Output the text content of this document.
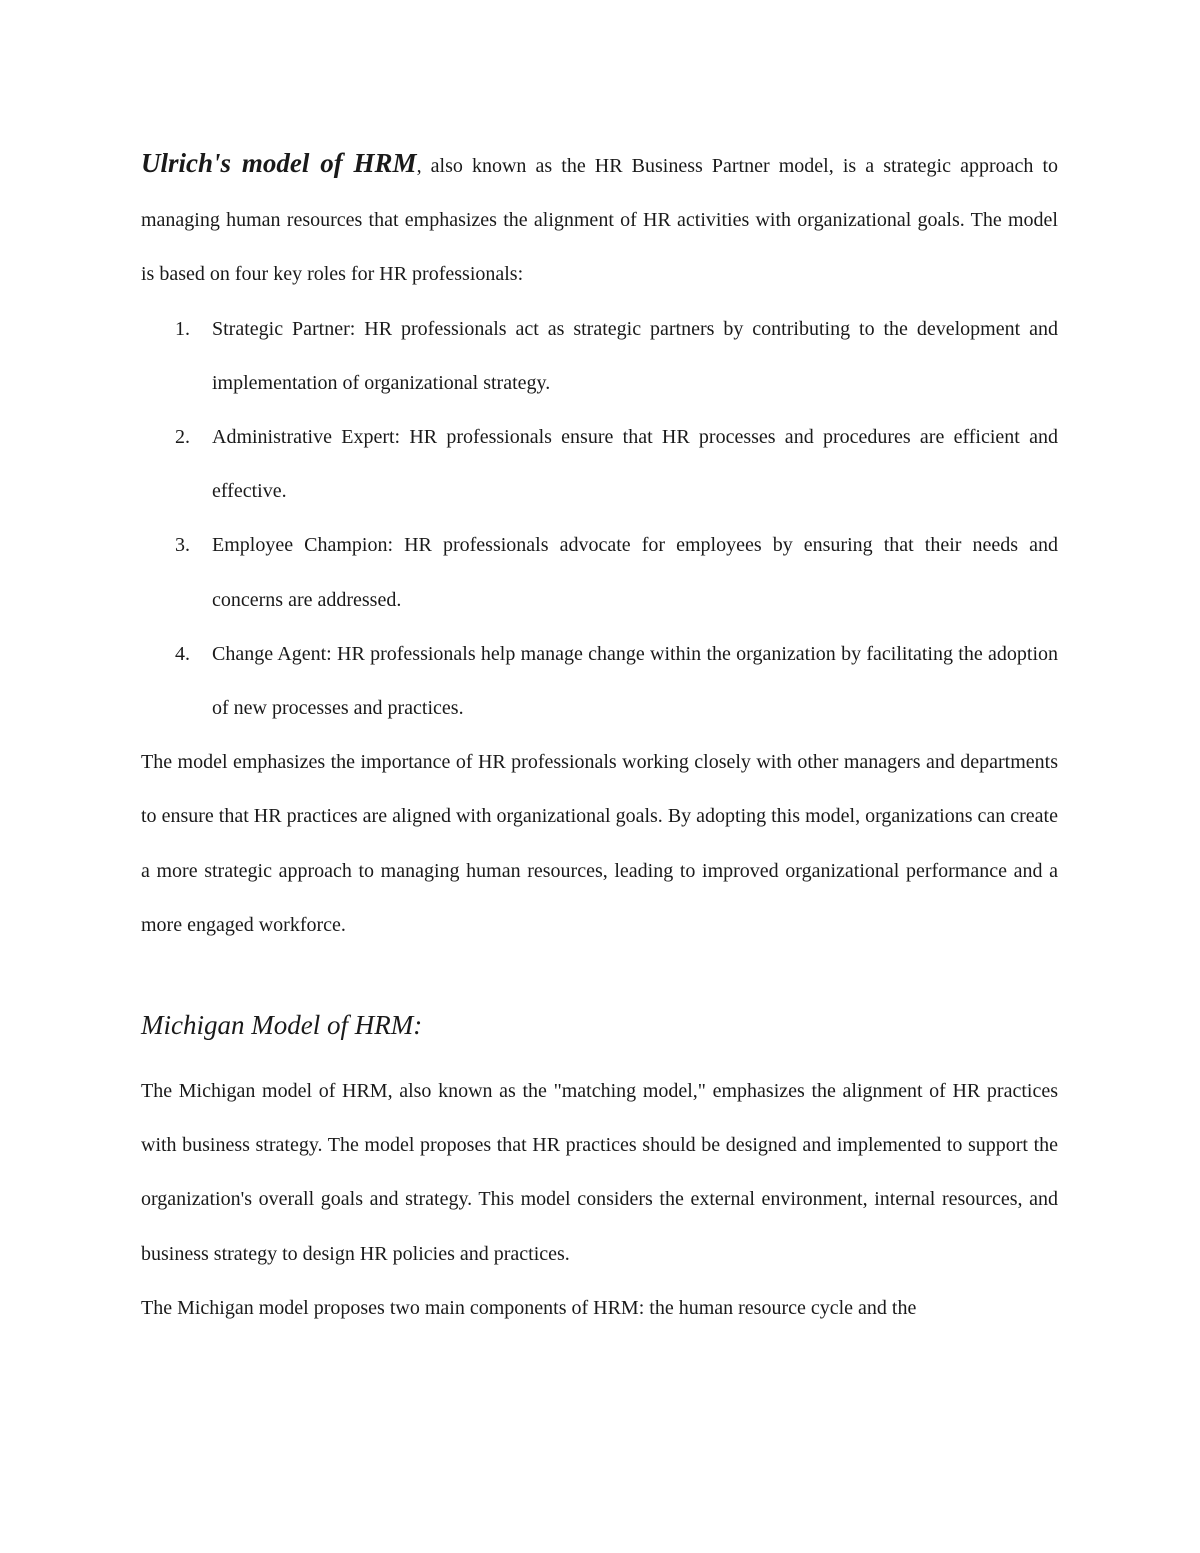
Ulrich's model of HRM, also known as the HR Business Partner model, is a strategic approach to managing human resources that emphasizes the alignment of HR activities with organizational goals. The model is based on four key roles for HR professionals:

1. Strategic Partner: HR professionals act as strategic partners by contributing to the development and implementation of organizational strategy.
2. Administrative Expert: HR professionals ensure that HR processes and procedures are efficient and effective.
3. Employee Champion: HR professionals advocate for employees by ensuring that their needs and concerns are addressed.
4. Change Agent: HR professionals help manage change within the organization by facilitating the adoption of new processes and practices.

The model emphasizes the importance of HR professionals working closely with other managers and departments to ensure that HR practices are aligned with organizational goals. By adopting this model, organizations can create a more strategic approach to managing human resources, leading to improved organizational performance and a more engaged workforce.

Michigan Model of HRM:

The Michigan model of HRM, also known as the "matching model," emphasizes the alignment of HR practices with business strategy. The model proposes that HR practices should be designed and implemented to support the organization's overall goals and strategy. This model considers the external environment, internal resources, and business strategy to design HR policies and practices.

The Michigan model proposes two main components of HRM: the human resource cycle and the
